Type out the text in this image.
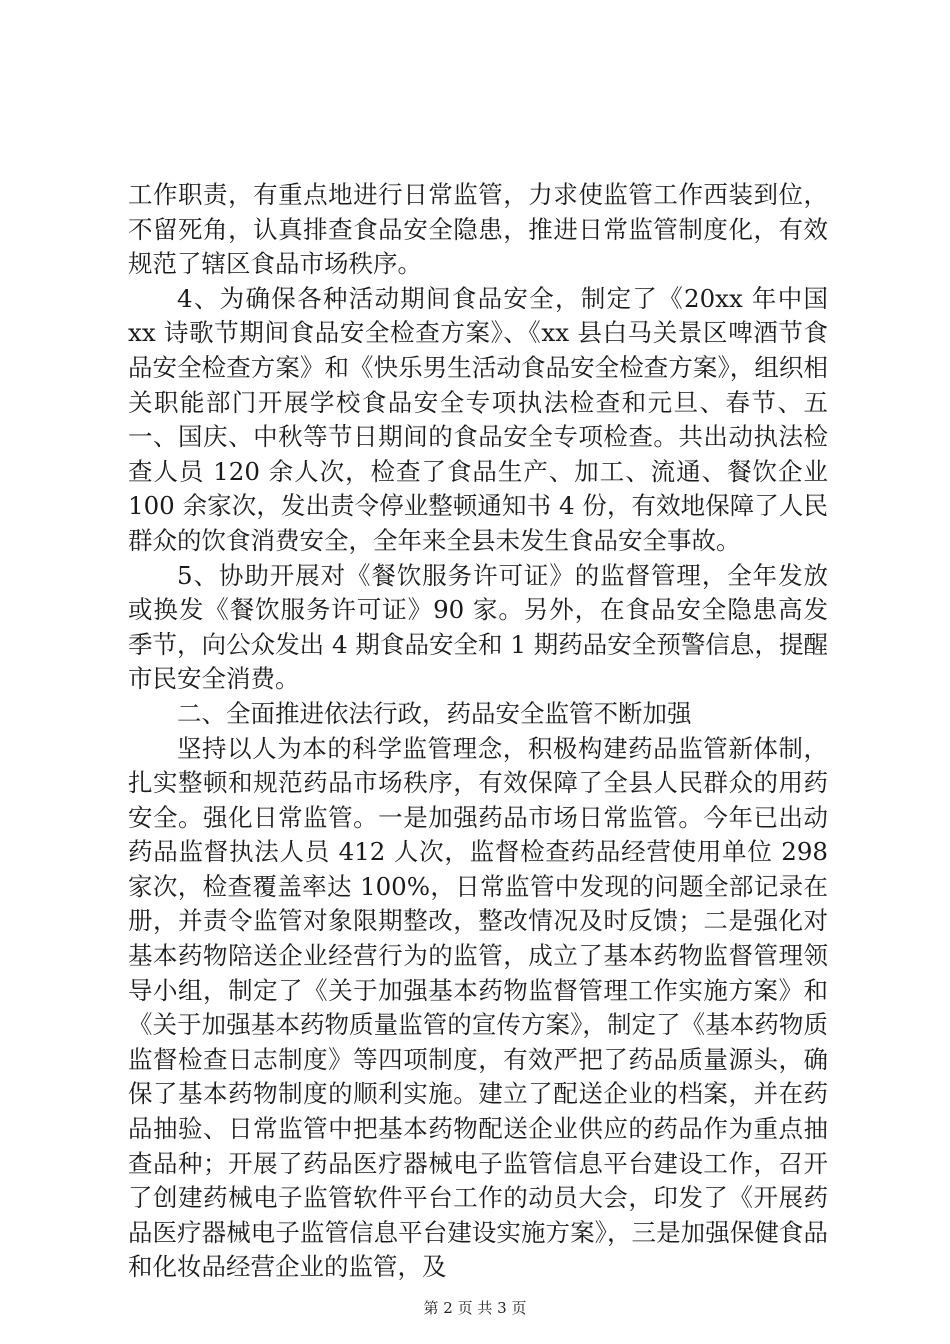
工作职责，有重点地进行日常监管，力求使监管工作西装到位，不留死角，认真排查食品安全隐患，推进日常监管制度化，有效规范了辖区食品市场秩序。

4、为确保各种活动期间食品安全，制定了《20xx 年中国 xx 诗歌节期间食品安全检查方案》、《xx 县白马关景区啤酒节食品安全检查方案》和《快乐男生活动食品安全检查方案》，组织相关职能部门开展学校食品安全专项执法检查和元旦、春节、五一、国庆、中秋等节日期间的食品安全专项检查。共出动执法检查人员 120 余人次，检查了食品生产、加工、流通、餐饮企业 100 余家次，发出责令停业整顿通知书 4 份，有效地保障了人民群众的饮食消费安全，全年来全县未发生食品安全事故。

5、协助开展对《餐饮服务许可证》的监督管理，全年发放或换发《餐饮服务许可证》90 家。另外，在食品安全隐患高发季节，向公众发出 4 期食品安全和 1 期药品安全预警信息，提醒市民安全消费。

二、全面推进依法行政，药品安全监管不断加强

坚持以人为本的科学监管理念，积极构建药品监管新体制，扎实整顿和规范药品市场秩序，有效保障了全县人民群众的用药安全。强化日常监管。一是加强药品市场日常监管。今年已出动药品监督执法人员 412 人次，监督检查药品经营使用单位 298 家次，检查覆盖率达 100%，日常监管中发现的问题全部记录在册，并责令监管对象限期整改，整改情况及时反馈；二是强化对基本药物陪送企业经营行为的监管，成立了基本药物监督管理领导小组，制定了《关于加强基本药物监督管理工作实施方案》和《关于加强基本药物质量监管的宣传方案》，制定了《基本药物质监督检查日志制度》等四项制度，有效严把了药品质量源头，确保了基本药物制度的顺利实施。建立了配送企业的档案，并在药品抽验、日常监管中把基本药物配送企业供应的药品作为重点抽查品种；开展了药品医疗器械电子监管信息平台建设工作，召开了创建药械电子监管软件平台工作的动员大会，印发了《开展药品医疗器械电子监管信息平台建设实施方案》，三是加强保健食品和化妆品经营企业的监管，及

第 2 页 共 3 页
